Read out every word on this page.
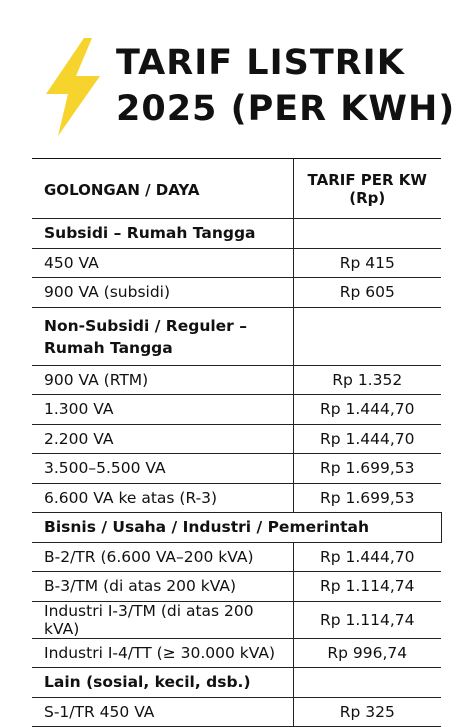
TARIF LISTRIK
2025 (PER KWH)
GOLONGAN / DAYA	TARIF PER KW (Rp)
Subsidi – Rumah Tangga	
450 VA	Rp 415
900 VA (subsidi)	Rp 605
Non-Subsidi / Reguler – Rumah Tangga	
900 VA (RTM)	Rp 1.352
1.300 VA	Rp 1.444,70
2.200 VA	Rp 1.444,70
3.500–5.500 VA	Rp 1.699,53
6.600 VA ke atas (R-3)	Rp 1.699,53
Bisnis / Usaha / Industri / Pemerintah	
B-2/TR (6.600 VA–200 kVA)	Rp 1.444,70
B-3/TM (di atas 200 kVA)	Rp 1.114,74
Industri I-3/TM (di atas 200 kVA)	Rp 1.114,74
Industri I-4/TT (≥ 30.000 kVA)	Rp 996,74
Lain (sosial, kecil, dsb.)	
S-1/TR 450 VA	Rp 325
